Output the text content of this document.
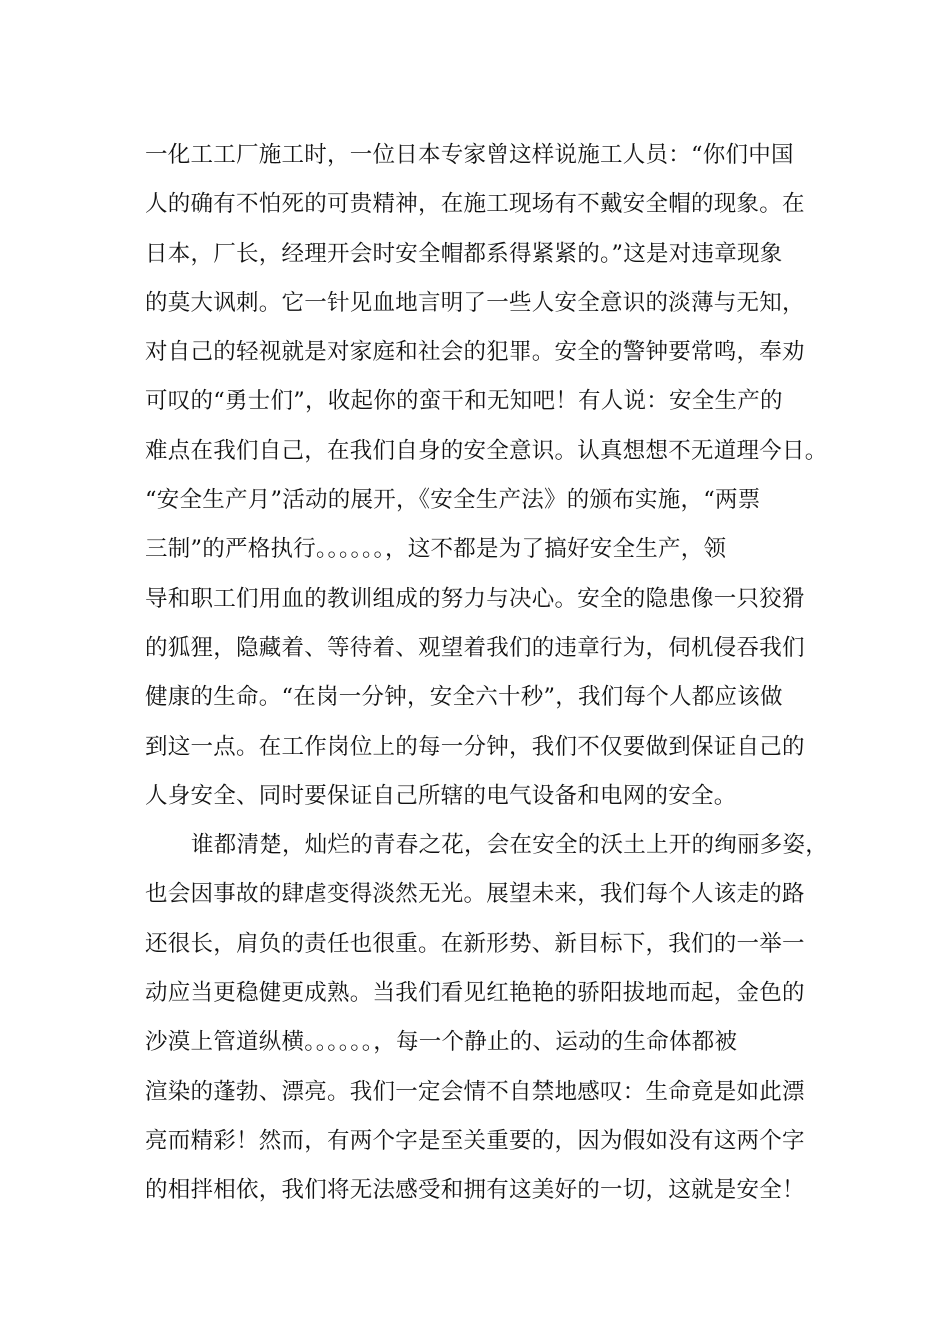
一化工工厂施工时，一位日本专家曾这样说施工人员：“你们中国
人的确有不怕死的可贵精神，在施工现场有不戴安全帽的现象。在
日本，厂长，经理开会时安全帽都系得紧紧的。”这是对违章现象
的莫大讽刺。它一针见血地言明了一些人安全意识的淡薄与无知，
对自己的轻视就是对家庭和社会的犯罪。安全的警钟要常鸣，奉劝
可叹的“勇士们”，收起你的蛮干和无知吧！有人说：安全生产的
难点在我们自己，在我们自身的安全意识。认真想想不无道理今日。
“安全生产月”活动的展开，《安全生产法》的颁布实施，“两票
三制”的严格执行。。。。。。，这不都是为了搞好安全生产，领
导和职工们用血的教训组成的努力与决心。安全的隐患像一只狡猾
的狐狸，隐藏着、等待着、观望着我们的违章行为，伺机侵吞我们
健康的生命。“在岗一分钟，安全六十秒”，我们每个人都应该做
到这一点。在工作岗位上的每一分钟，我们不仅要做到保证自己的
人身安全、同时要保证自己所辖的电气设备和电网的安全。
谁都清楚，灿烂的青春之花，会在安全的沃土上开的绚丽多姿，
也会因事故的肆虐变得淡然无光。展望未来，我们每个人该走的路
还很长，肩负的责任也很重。在新形势、新目标下，我们的一举一
动应当更稳健更成熟。当我们看见红艳艳的骄阳拔地而起，金色的
沙漠上管道纵横。。。。。。，每一个静止的、运动的生命体都被
渲染的蓬勃、漂亮。我们一定会情不自禁地感叹：生命竟是如此漂
亮而精彩！然而，有两个字是至关重要的，因为假如没有这两个字
的相拌相依，我们将无法感受和拥有这美好的一切，这就是安全！
